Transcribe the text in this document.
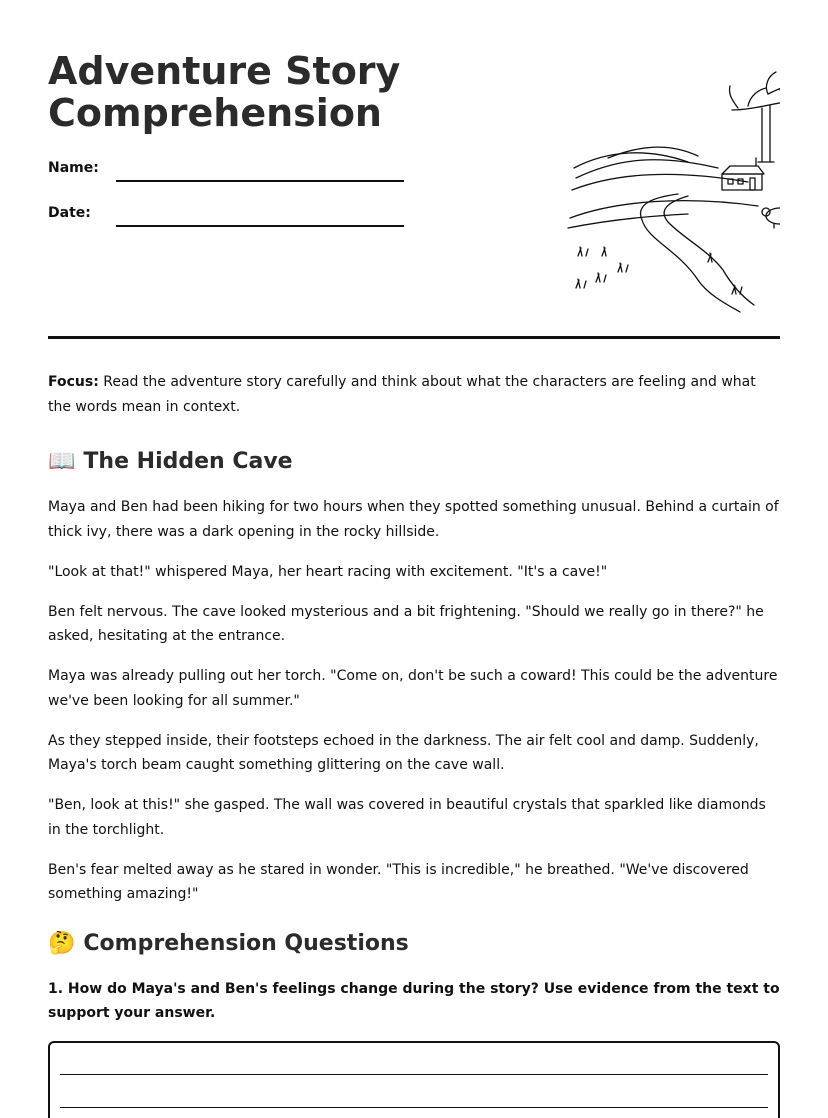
Adventure Story Comprehension
Name:
Date:
Focus: Read the adventure story carefully and think about what the characters are feeling and what the words mean in context.
📖 The Hidden Cave
Maya and Ben had been hiking for two hours when they spotted something unusual. Behind a curtain of thick ivy, there was a dark opening in the rocky hillside.
"Look at that!" whispered Maya, her heart racing with excitement. "It's a cave!"
Ben felt nervous. The cave looked mysterious and a bit frightening. "Should we really go in there?" he asked, hesitating at the entrance.
Maya was already pulling out her torch. "Come on, don't be such a coward! This could be the adventure we've been looking for all summer."
As they stepped inside, their footsteps echoed in the darkness. The air felt cool and damp. Suddenly, Maya's torch beam caught something glittering on the cave wall.
"Ben, look at this!" she gasped. The wall was covered in beautiful crystals that sparkled like diamonds in the torchlight.
Ben's fear melted away as he stared in wonder. "This is incredible," he breathed. "We've discovered something amazing!"
🤔 Comprehension Questions
1. How do Maya's and Ben's feelings change during the story? Use evidence from the text to support your answer.
